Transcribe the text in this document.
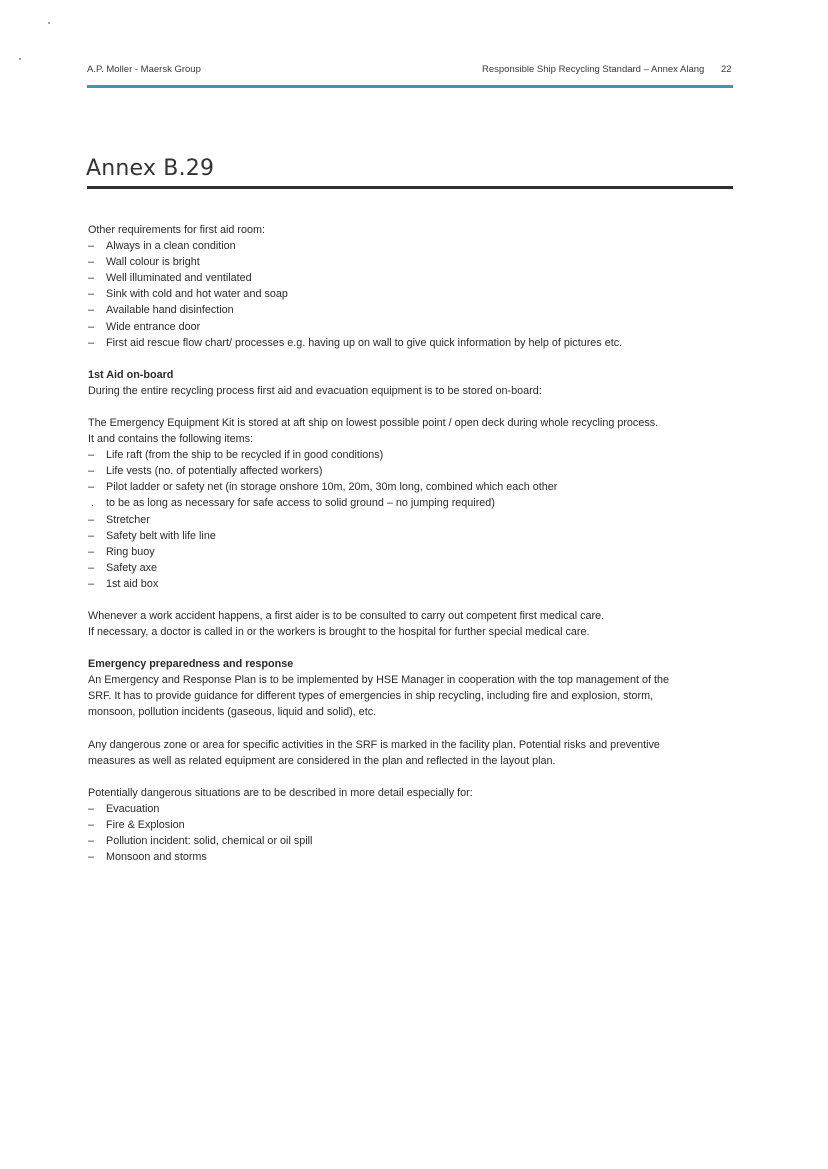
A.P. Moller - Maersk Group	Responsible Ship Recycling Standard – Annex Alang 22
Annex B.29

Other requirements for first aid room:

– Always in a clean condition
– Wall colour is bright
– Well illuminated and ventilated
– Sink with cold and hot water and soap
– Available hand disinfection
– Wide entrance door
– First aid rescue flow chart/ processes e.g. having up on wall to give quick information by help of pictures etc.

1st Aid on-board

During the entire recycling process first aid and evacuation equipment is to be stored on-board:

The Emergency Equipment Kit is stored at aft ship on lowest possible point / open deck during whole recycling process.

It and contains the following items:

– Life raft (from the ship to be recycled if in good conditions)
– Life vests (no. of potentially affected workers)
– Pilot ladder or safety net (in storage onshore 10m, 20m, 30m long, combined which each other
. to be as long as necessary for safe access to solid ground – no jumping required)
– Stretcher
– Safety belt with life line
– Ring buoy
– Safety axe
– 1st aid box

Whenever a work accident happens, a first aider is to be consulted to carry out competent first medical care.

If necessary, a doctor is called in or the workers is brought to the hospital for further special medical care.

Emergency preparedness and response

An Emergency and Response Plan is to be implemented by HSE Manager in cooperation with the top management of the

SRF. It has to provide guidance for different types of emergencies in ship recycling, including fire and explosion, storm,

monsoon, pollution incidents (gaseous, liquid and solid), etc.

Any dangerous zone or area for specific activities in the SRF is marked in the facility plan. Potential risks and preventive

measures as well as related equipment are considered in the plan and reflected in the layout plan.

Potentially dangerous situations are to be described in more detail especially for:

– Evacuation
– Fire & Explosion
– Pollution incident: solid, chemical or oil spill
– Monsoon and storms
